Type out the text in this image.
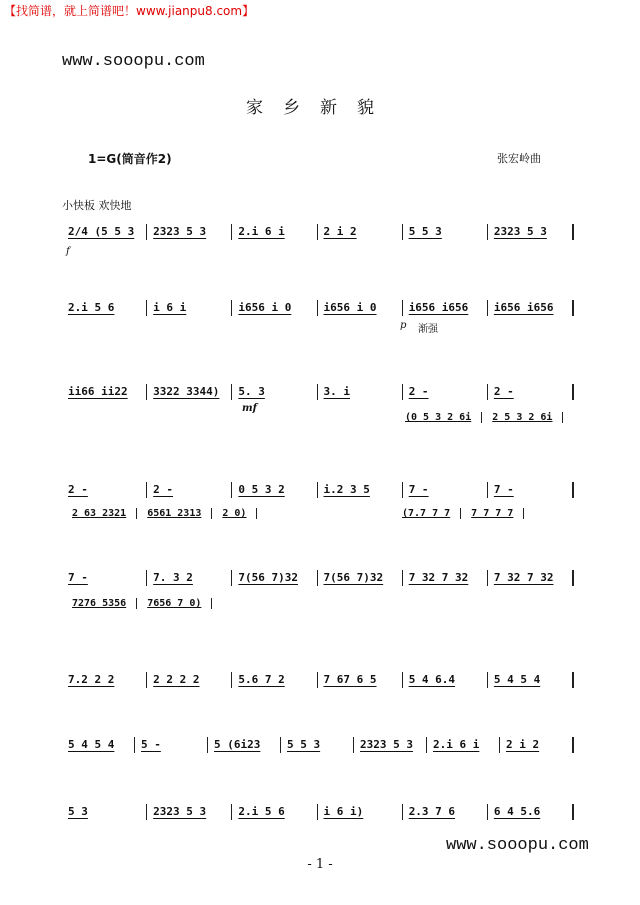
【找简谱，就上简谱吧！www.jianpu8.com】
www.sooopu.com
家乡新貌
1=G(筒音作2)	张宏岭曲
小快板 欢快地
2/4 (5 5 3	2323 5 3	2.i 6 i	2 i 2	5 5 3	2323 5 3
2.i 5 6	i 6 i	i656 i 0	i656 i 0	i656 i656	i656 i656
ii66 ii22	3322 3344)	5. 3	3. i	2 -	2 -
2 -	2 -	0 5 3 2	i.2 3 5	7 -	7 -
7 -	7. 3 2	7(56 7)32	7(56 7)32	7 32 7 32	7 32 7 32
7.2 2 2	2 2 2 2	5.6 7 2	7 67 6 5	5 4 6.4	5 4 5 4
5 4 5 4	5 -	5 (6i23	5 5 3	2323 5 3	2.i 6 i	2 i 2
5 3	2323 5 3	2.i 5 6	i 6 i)	2.3 7 6	6 4 5.6
f
p 渐强
mf
(0 5 3 2 6i	2 5 3 2 6i
2 63 2321	6561 2313	2 0)	(7.7 7 7	7 7 7 7
7276 5356	7656 7 0)
www.sooopu.com
- 1 -
